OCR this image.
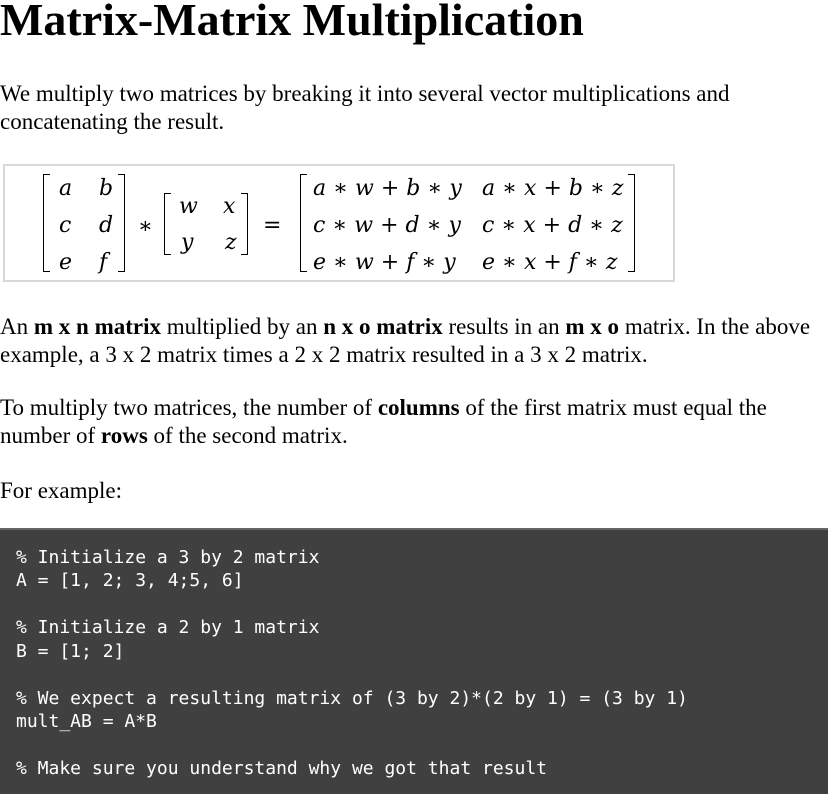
Matrix-Matrix Multiplication

We multiply two matrices by breaking it into several vector multiplications and concatenating the result.

a b
c d
e f
∗
w x
y z
=
a ∗ w + b ∗ y a ∗ x + b ∗ z
c ∗ w + d ∗ y c ∗ x + d ∗ z
e ∗ w + f ∗ y e ∗ x + f ∗ z

An m x n matrix multiplied by an n x o matrix results in an m x o matrix. In the above example, a 3 x 2 matrix times a 2 x 2 matrix resulted in a 3 x 2 matrix.

To multiply two matrices, the number of columns of the first matrix must equal the number of rows of the second matrix.

For example:

% Initialize a 3 by 2 matrix
A = [1, 2; 3, 4;5, 6]
% Initialize a 2 by 1 matrix
B = [1; 2]
% We expect a resulting matrix of (3 by 2)*(2 by 1) = (3 by 1)
mult_AB = A*B
% Make sure you understand why we got that result
